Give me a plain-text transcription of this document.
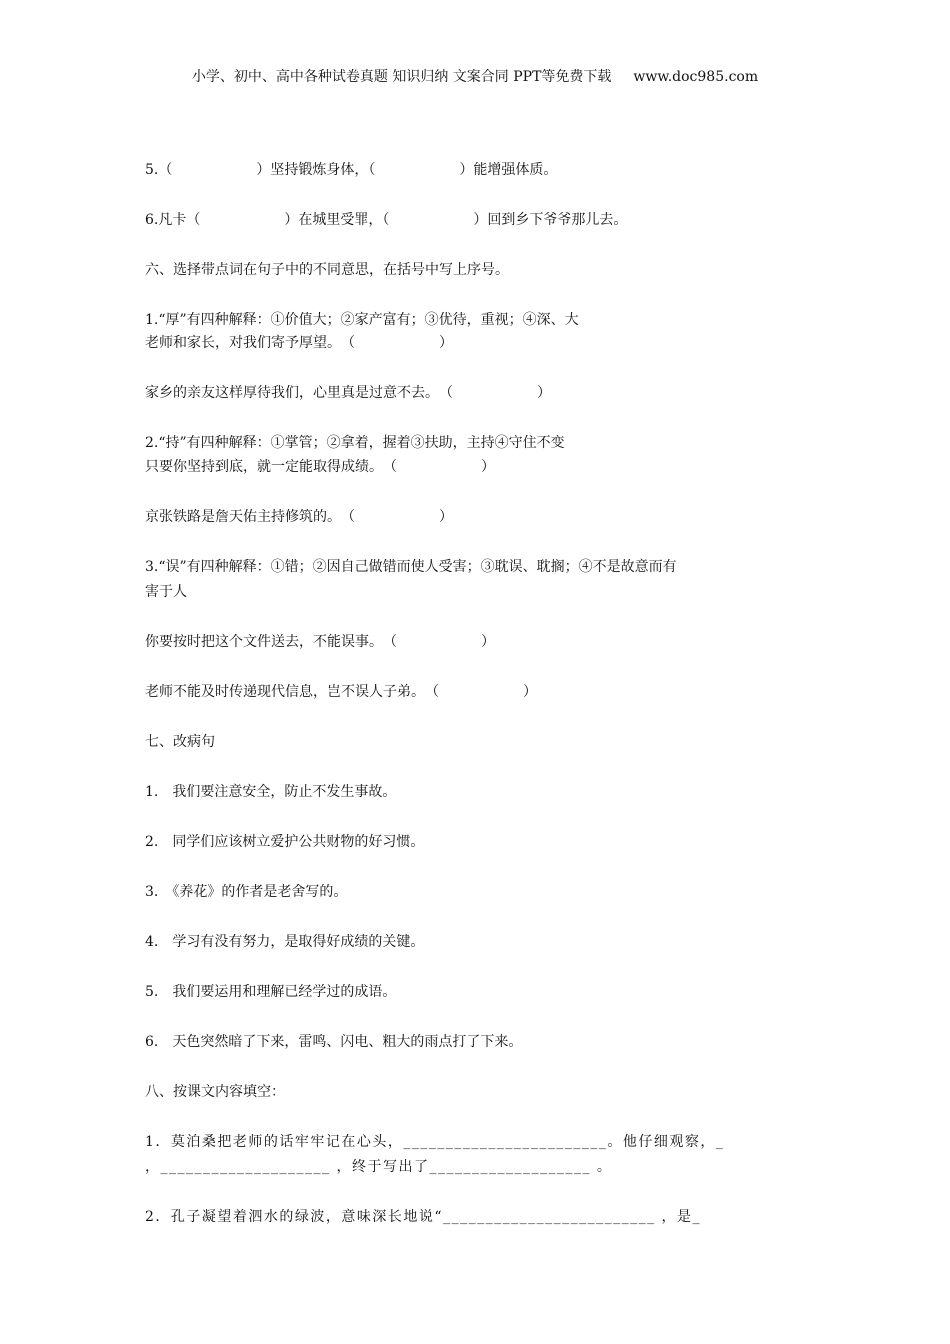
小学、初中、高中各种试卷真题 知识归纳 文案合同 PPT等免费下载 www.doc985.com
5.（　　　　　　）坚持锻炼身体，（　　　　　　）能增强体质。
6.凡卡（　　　　　　）在城里受罪，（　　　　　　）回到乡下爷爷那儿去。
六、选择带点词在句子中的不同意思，在括号中写上序号。
1.“厚”有四种解释：①价值大；②家产富有；③优待，重视；④深、大
老师和家长，对我们寄予厚望。　（　　　　　　）
家乡的亲友这样厚待我们，心里真是过意不去。　（　　　　　　）
2.“持”有四种解释：①掌管；②拿着，握着③扶助，主持④守住不变
只要你坚持到底，就一定能取得成绩。　（　　　　　　）
京张铁路是詹天佑主持修筑的。　（　　　　　　）
3.“误”有四种解释：①错；②因自己做错而使人受害；③耽误、耽搁；④不是故意而有
害于人
你要按时把这个文件送去，不能误事。　（　　　　　　）
老师不能及时传递现代信息，岂不误人子弟。　（　　　　　　）
七、改病句
1.　我们要注意安全，防止不发生事故。
2.　同学们应该树立爱护公共财物的好习惯。
3.　《养花》的作者是老舍写的。
4.　学习有没有努力，是取得好成绩的关键。
5.　我们要运用和理解已经学过的成语。
6.　天色突然暗了下来，雷鸣、闪电、粗大的雨点打了下来。
八、按课文内容填空：
1．莫泊桑把老师的话牢牢记在心头，________________________。他仔细观察，_
，____________________ ，终于写出了___________________ 。
2．孔子凝望着泗水的绿波，意味深长地说“_________________________ ，是_
